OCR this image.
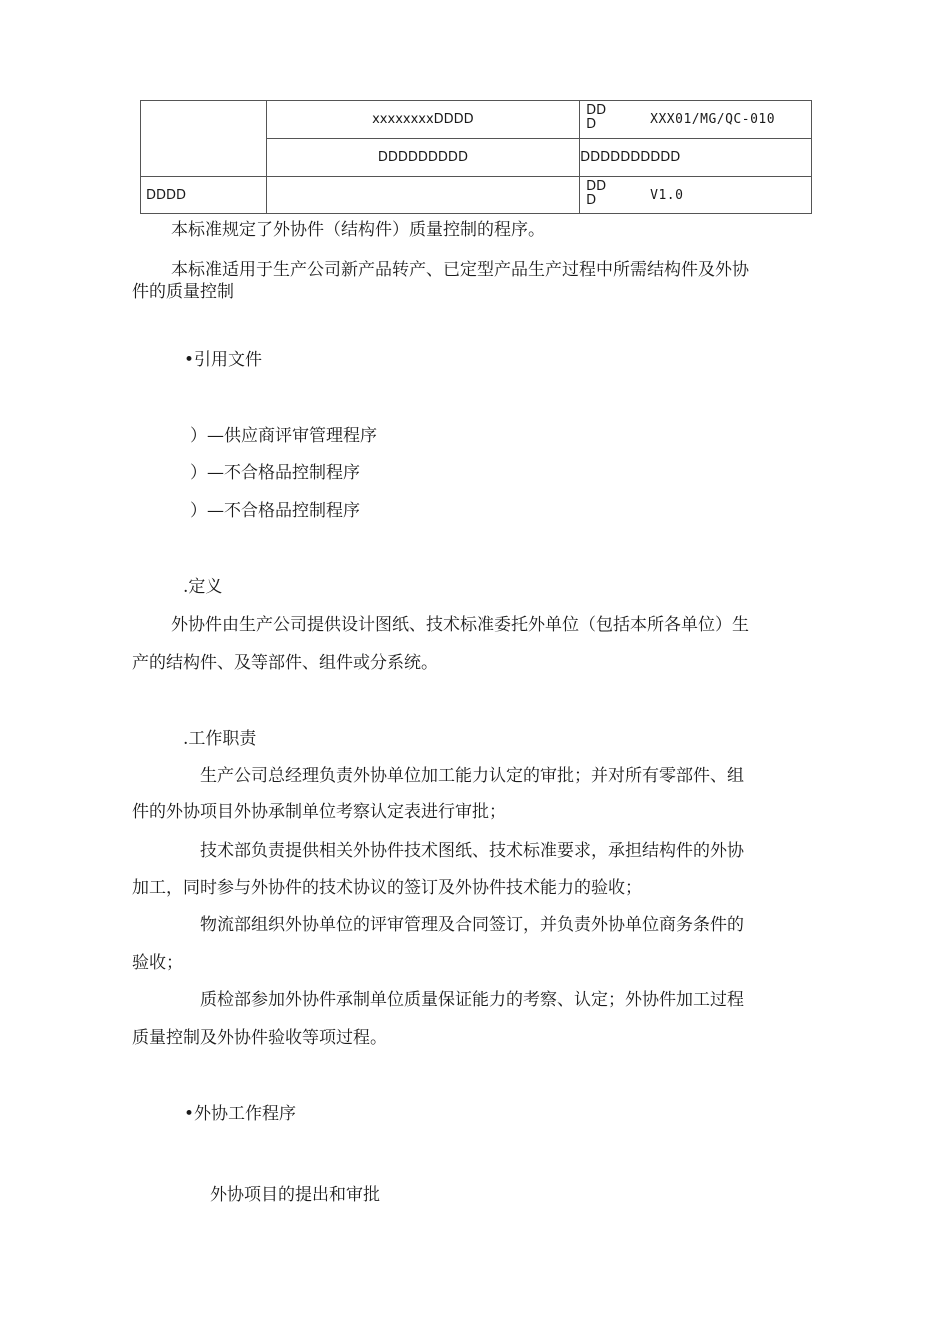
	xxxxxxxxDDDD	DDD XXX01/MG/QC-010

	DDDDDDDDD	DDDDDDDDDD
DDDD		DDD V1.0

本标准规定了外协件（结构件）质量控制的程序。

本标准适用于生产公司新产品转产、已定型产品生产过程中所需结构件及外协

件的质量控制

•引用文件

）—供应商评审管理程序

）—不合格品控制程序

）—不合格品控制程序

.定义

外协件由生产公司提供设计图纸、技术标准委托外单位（包括本所各单位）生

产的结构件、及等部件、组件或分系统。

.工作职责

生产公司总经理负责外协单位加工能力认定的审批；并对所有零部件、组

件的外协项目外协承制单位考察认定表进行审批；

技术部负责提供相关外协件技术图纸、技术标准要求，承担结构件的外协

加工，同时参与外协件的技术协议的签订及外协件技术能力的验收；

物流部组织外协单位的评审管理及合同签订，并负责外协单位商务条件的

验收；

质检部参加外协件承制单位质量保证能力的考察、认定；外协件加工过程

质量控制及外协件验收等项过程。

•外协工作程序

外协项目的提出和审批
